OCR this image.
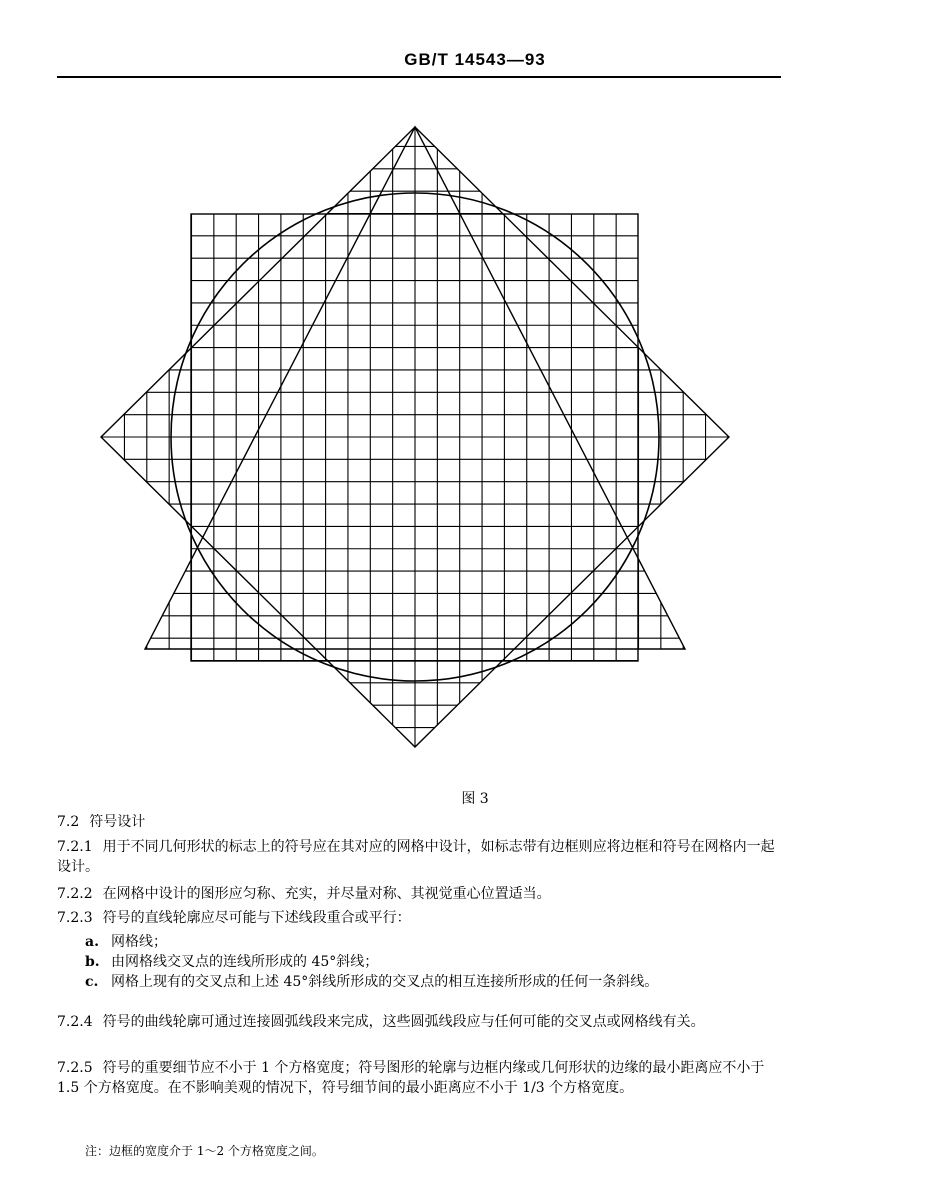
GB/T 14543—93
图 3
7.2 符号设计
7.2.1 用于不同几何形状的标志上的符号应在其对应的网格中设计，如标志带有边框则应将边框和符号在网格内一起设计。
7.2.2 在网格中设计的图形应匀称、充实，并尽量对称、其视觉重心位置适当。
7.2.3 符号的直线轮廓应尽可能与下述线段重合或平行：
a. 网格线；
b. 由网格线交叉点的连线所形成的 45°斜线；
c. 网格上现有的交叉点和上述 45°斜线所形成的交叉点的相互连接所形成的任何一条斜线。
7.2.4 符号的曲线轮廓可通过连接圆弧线段来完成，这些圆弧线段应与任何可能的交叉点或网格线有关。
7.2.5 符号的重要细节应不小于 1 个方格宽度；符号图形的轮廓与边框内缘或几何形状的边缘的最小距离应不小于 1.5 个方格宽度。在不影响美观的情况下，符号细节间的最小距离应不小于 1/3 个方格宽度。
注：边框的宽度介于 1～2 个方格宽度之间。
